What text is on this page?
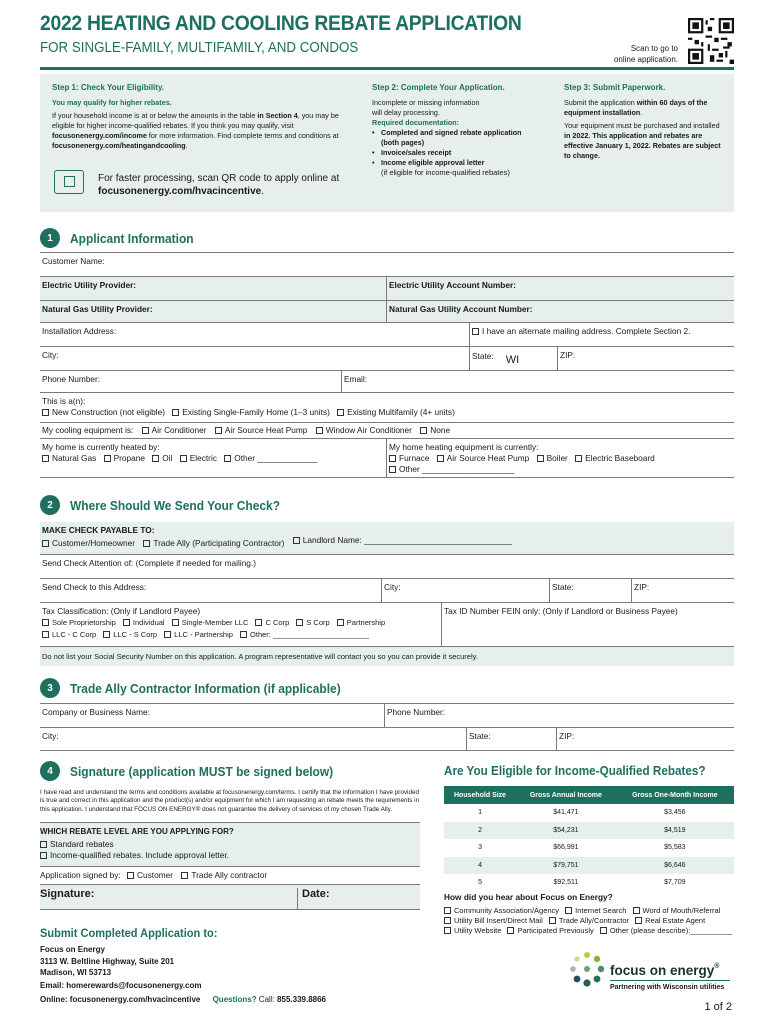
2022 HEATING AND COOLING REBATE APPLICATION
FOR SINGLE-FAMILY, MULTIFAMILY, AND CONDOS	Scan to go to
online application.
Step 1: Check Your Eligibility.

You may qualify for higher rebates.

If your household income is at or below the amounts in the table in Section 4, you may be eligible for higher income-qualified rebates. If you think you may qualify, visit focusonenergy.com/income for more information. Find complete terms and conditions at focusonenergy.com/heatingandcooling.

Step 2: Complete Your Application.
Incomplete or missing information
will delay processing.
Required documentation:
• Completed and signed rebate application
(both pages)
• Invoice/sales receipt
• Income eligible approval letter
(if eligible for income-qualified rebates)
Step 3: Submit Paperwork.

Submit the application within 60 days of the equipment installation.

Your equipment must be purchased and installed in 2022. This application and rebates are effective January 1, 2022. Rebates are subject to change.

For faster processing, scan QR code to apply online at focusonenergy.com/hvacincentive.
1	Applicant Information
Customer Name:
Electric Utility Provider:	Electric Utility Account Number:
Natural Gas Utility Provider:	Natural Gas Utility Account Number:
Installation Address:	I have an alternate mailing address. Complete Section 2.
City:	State: WI	ZIP:
Phone Number:	Email:
This is a(n):
New Construction (not eligible) Existing Single-Family Home (1–3 units) Existing Multifamily (4+ units)
My cooling equipment is: Air Conditioner Air Source Heat Pump Window Air Conditioner None
My home is currently heated by:
Natural Gas Propane Oil Electric Other _____________
My home heating equipment is currently:
Furnace Air Source Heat Pump Boiler Electric Baseboard
Other ____________________
2	Where Should We Send Your Check?
MAKE CHECK PAYABLE TO:
Customer/Homeowner Trade Ally (Participating Contractor) Landlord Name: ________________________________
Send Check Attention of: (Complete if needed for mailing.)
Send Check to this Address:	City:	State:	ZIP:
Tax Classification: (Only if Landlord Payee)
Sole Proprietorship Individual Single-Member LLC C Corp S Corp Partnership
LLC - C Corp LLC - S Corp LLC - Partnership Other: _______________________
Tax ID Number FEIN only: (Only if Landlord or Business Payee)
Do not list your Social Security Number on this application. A program representative will contact you so you can provide it securely.
3	Trade Ally Contractor Information (if applicable)
Company or Business Name:	Phone Number:
City:	State:	ZIP:
4	Signature (application MUST be signed below)
I have read and understand the terms and conditions available at focusonenergy.com/terms. I certify that the information I have provided is true and correct in this application and the product(s) and/or equipment for which I am requesting an rebate meets the requirements in this application. I understand that FOCUS ON ENERGY® does not guarantee the delivery of services of my chosen Trade Ally.
WHICH REBATE LEVEL ARE YOU APPLYING FOR?
Standard rebates
Income-qualified rebates. Include approval letter.
Application signed by: Customer Trade Ally contractor
Signature:	Date:
Are You Eligible for Income-Qualified Rebates?
Household Size	Gross Annual Income	Gross One-Month Income
1	$41,471	$3,456
2	$54,231	$4,519
3	$66,991	$5,583
4	$79,751	$6,646
5	$92,511	$7,709
How did you hear about Focus on Energy?
Community Association/Agency Internet Search Word of Mouth/Referral
Utility Bill Insert/Direct Mail Trade Ally/Contractor Real Estate Agent
Utility Website Participated Previously Other (please describe):__________
Submit Completed Application to:
Focus on Energy
3113 W. Beltline Highway, Suite 201
Madison, WI 53713
Email: homerewards@focusonenergy.com
Online: focusonenergy.com/hvacincentive Questions? Call: 855.339.8866
focus on energy®
Partnering with Wisconsin utilities
1 of 2
